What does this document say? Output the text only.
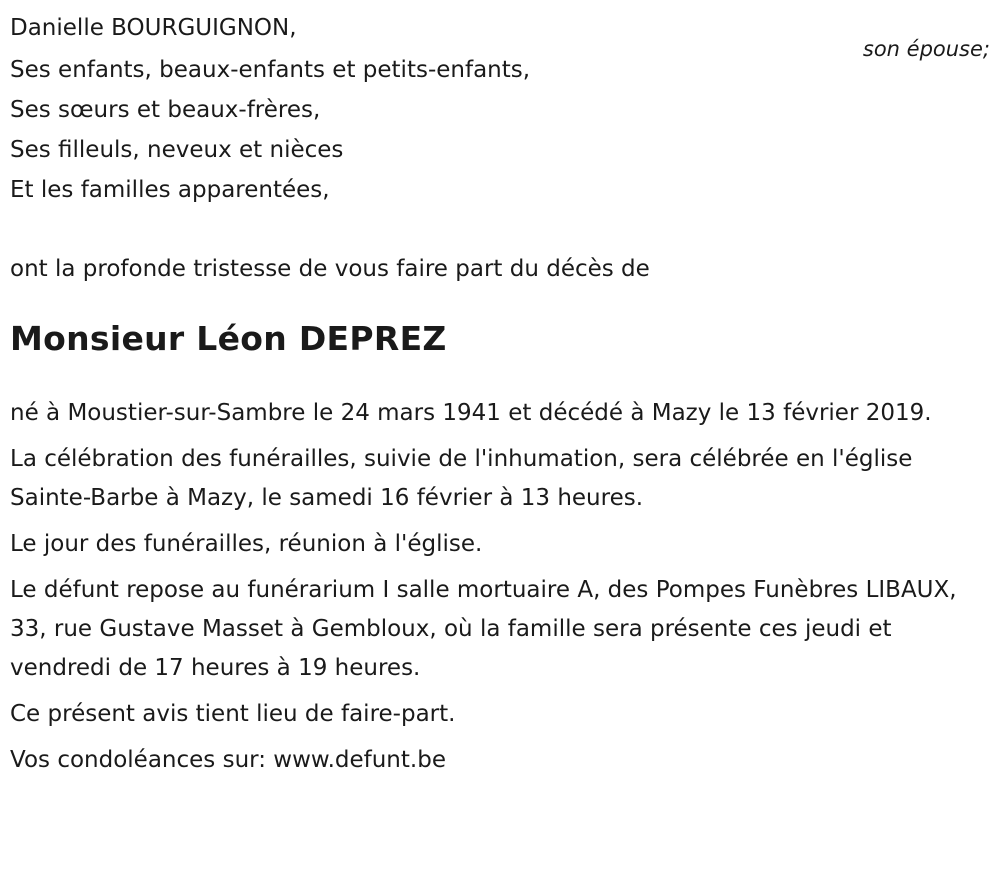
Danielle BOURGUIGNON,
son épouse;
Ses enfants, beaux-enfants et petits-enfants,
Ses sœurs et beaux-frères,
Ses filleuls, neveux et nièces
Et les familles apparentées,
ont la profonde tristesse de vous faire part du décès de
Monsieur Léon DEPREZ
né à Moustier-sur-Sambre le 24 mars 1941 et décédé à Mazy le 13 février 2019.
La célébration des funérailles, suivie de l'inhumation, sera célébrée en l'église Sainte-Barbe à Mazy, le samedi 16 février à 13 heures.
Le jour des funérailles, réunion à l'église.
Le défunt repose au funérarium I salle mortuaire A, des Pompes Funèbres LIBAUX, 33, rue Gustave Masset à Gembloux, où la famille sera présente ces jeudi et vendredi de 17 heures à 19 heures.
Ce présent avis tient lieu de faire-part.
Vos condoléances sur: www.defunt.be
